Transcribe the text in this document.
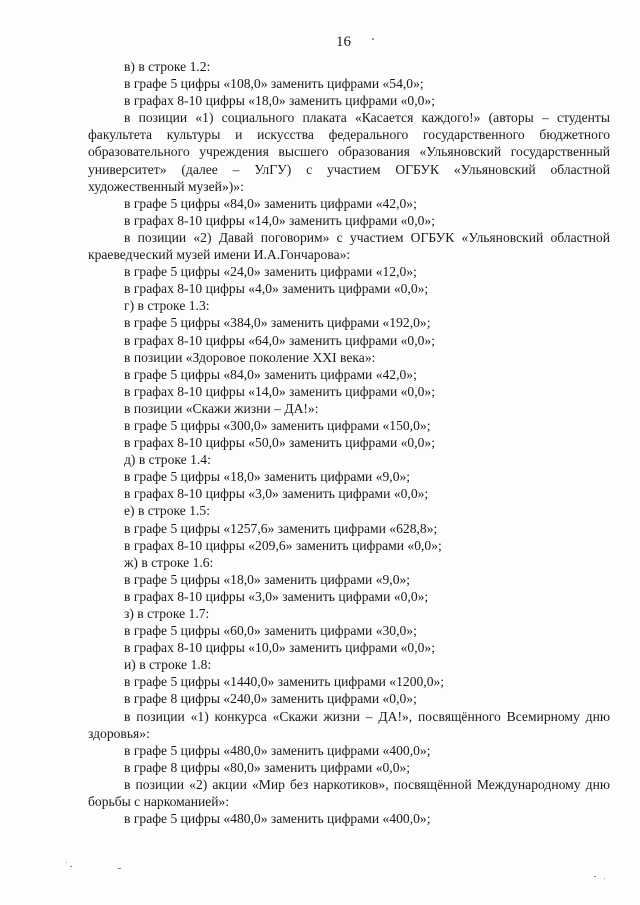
16

в) в строке 1.2:

в графе 5 цифры «108,0» заменить цифрами «54,0»;

в графах 8-10 цифры «18,0» заменить цифрами «0,0»;

в позиции «1) социального плаката «Касается каждого!» (авторы – студенты факультета культуры и искусства федерального государственного бюджетного образовательного учреждения высшего образования «Ульяновский государственный университет» (далее – УлГУ) с участием ОГБУК «Ульяновский областной художественный музей»)»:

в графе 5 цифры «84,0» заменить цифрами «42,0»;

в графах 8-10 цифры «14,0» заменить цифрами «0,0»;

в позиции «2) Давай поговорим» с участием ОГБУК «Ульяновский областной краеведческий музей имени И.А.Гончарова»:

в графе 5 цифры «24,0» заменить цифрами «12,0»;

в графах 8-10 цифры «4,0» заменить цифрами «0,0»;

г) в строке 1.3:

в графе 5 цифры «384,0» заменить цифрами «192,0»;

в графах 8-10 цифры «64,0» заменить цифрами «0,0»;

в позиции «Здоровое поколение XXI века»:

в графе 5 цифры «84,0» заменить цифрами «42,0»;

в графах 8-10 цифры «14,0» заменить цифрами «0,0»;

в позиции «Скажи жизни – ДА!»:

в графе 5 цифры «300,0» заменить цифрами «150,0»;

в графах 8-10 цифры «50,0» заменить цифрами «0,0»;

д) в строке 1.4:

в графе 5 цифры «18,0» заменить цифрами «9,0»;

в графах 8-10 цифры «3,0» заменить цифрами «0,0»;

е) в строке 1.5:

в графе 5 цифры «1257,6» заменить цифрами «628,8»;

в графах 8-10 цифры «209,6» заменить цифрами «0,0»;

ж) в строке 1.6:

в графе 5 цифры «18,0» заменить цифрами «9,0»;

в графах 8-10 цифры «3,0» заменить цифрами «0,0»;

з) в строке 1.7:

в графе 5 цифры «60,0» заменить цифрами «30,0»;

в графах 8-10 цифры «10,0» заменить цифрами «0,0»;

и) в строке 1.8:

в графе 5 цифры «1440,0» заменить цифрами «1200,0»;

в графе 8 цифры «240,0» заменить цифрами «0,0»;

в позиции «1) конкурса «Скажи жизни – ДА!», посвящённого Всемирному дню здоровья»:

в графе 5 цифры «480,0» заменить цифрами «400,0»;

в графе 8 цифры «80,0» заменить цифрами «0,0»;

в позиции «2) акции «Мир без наркотиков», посвящённой Международному дню борьбы с наркоманией»:

в графе 5 цифры «480,0» заменить цифрами «400,0»;
